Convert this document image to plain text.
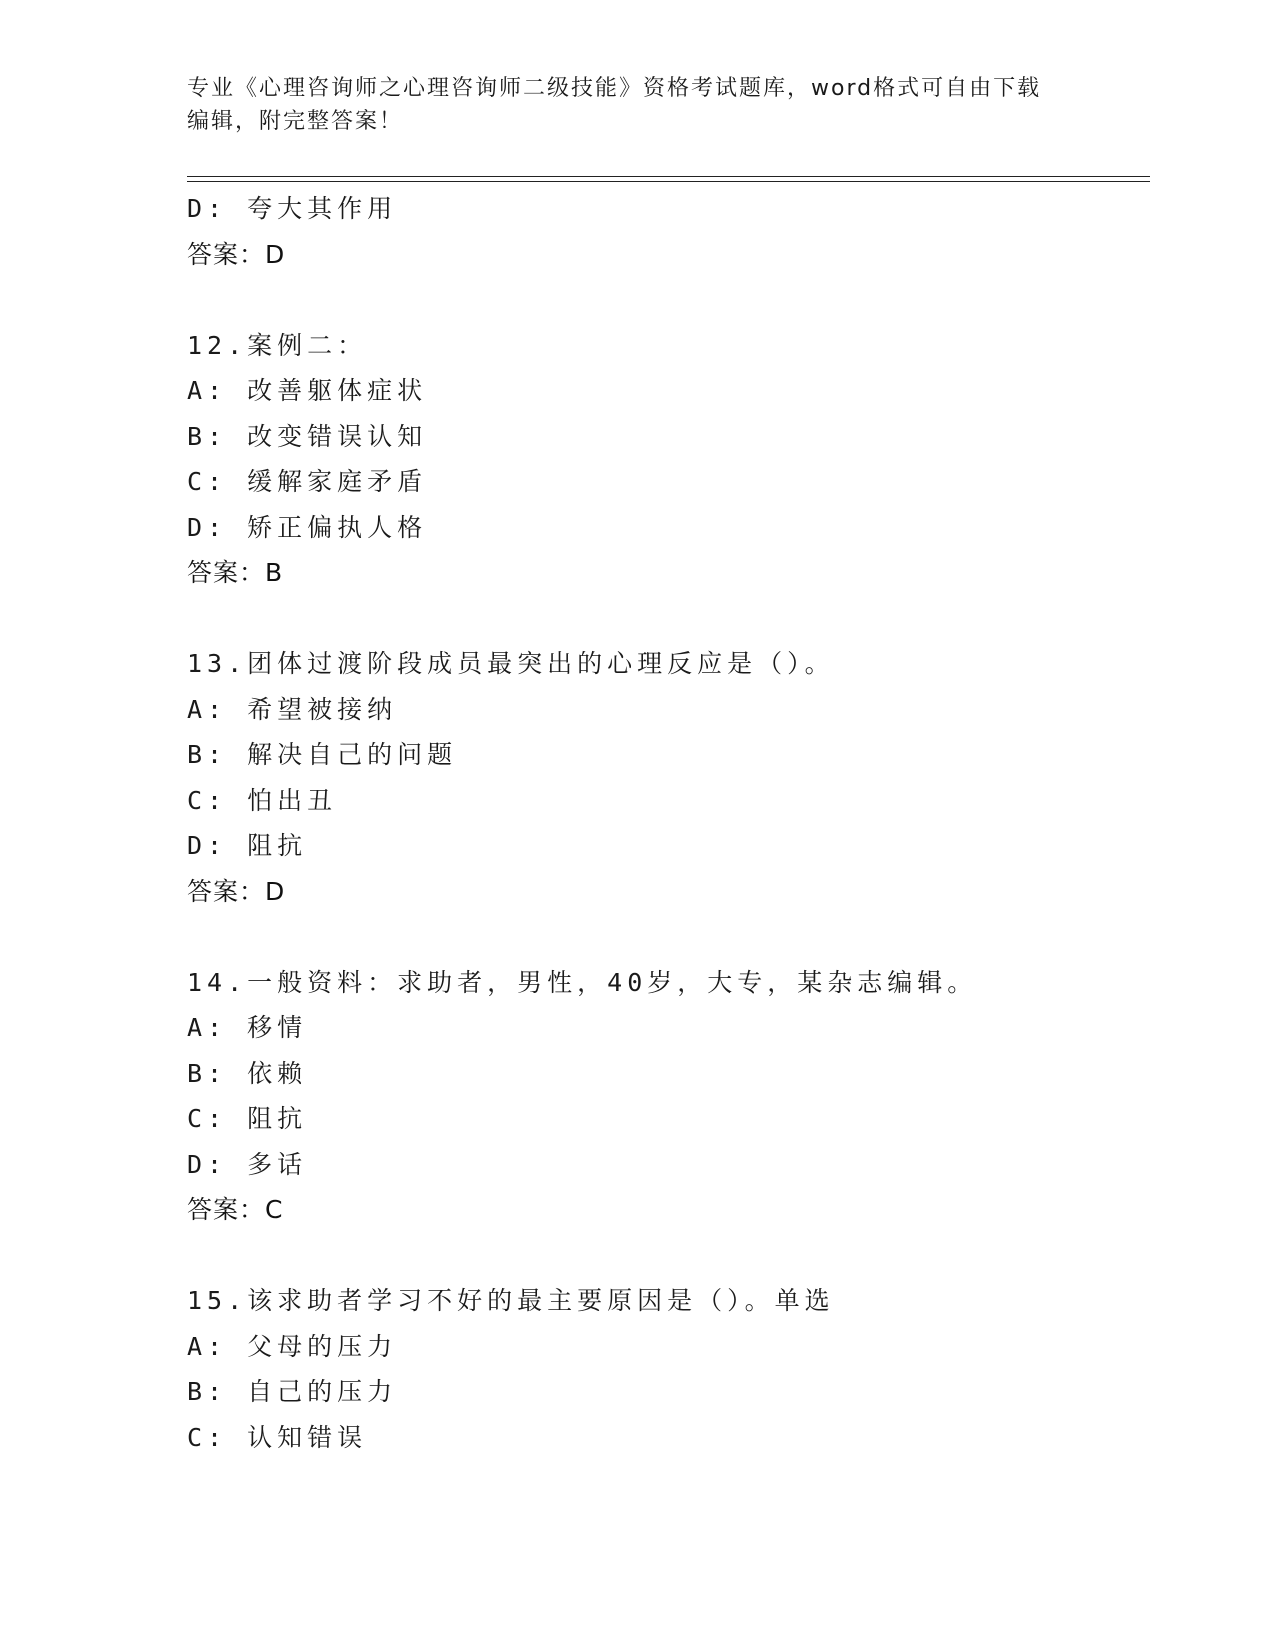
专业《心理咨询师之心理咨询师二级技能》资格考试题库，word格式可自由下载
编辑，附完整答案！
D: 夸大其作用
答案：D
12.案例二：
A: 改善躯体症状
B: 改变错误认知
C: 缓解家庭矛盾
D: 矫正偏执人格
答案：B
13.团体过渡阶段成员最突出的心理反应是（）。
A: 希望被接纳
B: 解决自己的问题
C: 怕出丑
D: 阻抗
答案：D
14.一般资料：求助者，男性，40岁，大专，某杂志编辑。
A: 移情
B: 依赖
C: 阻抗
D: 多话
答案：C
15.该求助者学习不好的最主要原因是（）。单选
A: 父母的压力
B: 自己的压力
C: 认知错误
